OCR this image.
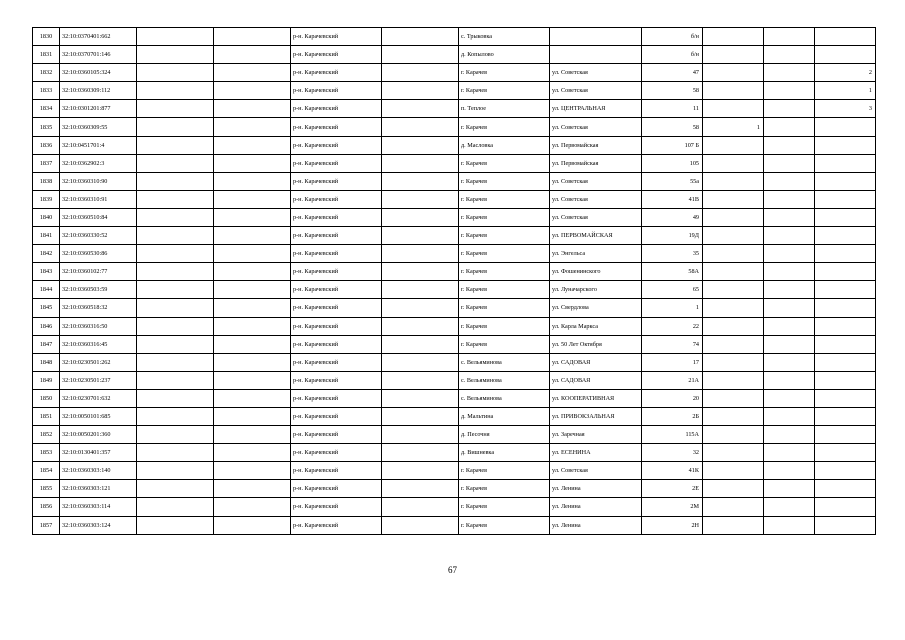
1830	32:10:0370401:662			р-н. Карачевский		с. Трыковка		б/н			
1831	32:10:0370701:146			р-н. Карачевский		д. Копылово		б/н			
1832	32:10:0360105:324			р-н. Карачевский		г. Карачев	ул. Советская	47			2
1833	32:10:0360309:112			р-н. Карачевский		г. Карачев	ул. Советская	58			1
1834	32:10:0301201:877			р-н. Карачевский		п. Теплое	ул. ЦЕНТРАЛЬНАЯ	11			3
1835	32:10:0360309:55			р-н. Карачевский		г. Карачев	ул. Советская	58	1		
1836	32:10:0451701:4			р-н. Карачевский		д. Масловка	ул. Первомайская	107 Б			
1837	32:10:0362902:3			р-н. Карачевский		г. Карачев	ул. Первомайская	105			
1838	32:10:0360310:90			р-н. Карачевский		г. Карачев	ул. Советская	55а			
1839	32:10:0360310:91			р-н. Карачевский		г. Карачев	ул. Советская	41В			
1840	32:10:0360510:84			р-н. Карачевский		г. Карачев	ул. Советская	49			
1841	32:10:0360330:52			р-н. Карачевский		г. Карачев	ул. ПЕРВОМАЙСКАЯ	19Д			
1842	32:10:0360530:86			р-н. Карачевский		г. Карачев	ул. Энгельса	35			
1843	32:10:0360102:77			р-н. Карачевский		г. Карачев	ул. Фошенинского	58А			
1844	32:10:0360503:59			р-н. Карачевский		г. Карачев	ул. Луначарского	65			
1845	32:10:0360518:32			р-н. Карачевский		г. Карачев	ул. Свердлова	1			
1846	32:10:0360316:50			р-н. Карачевский		г. Карачев	ул. Карла Маркса	22			
1847	32:10:0360316:45			р-н. Карачевский		г. Карачев	ул. 50 Лет Октября	74			
1848	32:10:0230501:262			р-н. Карачевский		с. Вельяминова	ул. САДОВАЯ	17			
1849	32:10:0230501:237			р-н. Карачевский		с. Вельяминова	ул. САДОВАЯ	21А			
1850	32:10:0230701:632			р-н. Карачевский		с. Вельяминова	ул. КООПЕРАТИВНАЯ	20			
1851	32:10:0050101:685			р-н. Карачевский		д. Мальтина	ул. ПРИВОКЗАЛЬНАЯ	2Б			
1852	32:10:0050201:360			р-н. Карачевский		д. Песочня	ул. Заречная	115А			
1853	32:10:0130401:357			р-н. Карачевский		д. Вишневка	ул. ЕСЕНИНА	32			
1854	32:10:0360303:140			р-н. Карачевский		г. Карачев	ул. Советская	41К			
1855	32:10:0360303:121			р-н. Карачевский		г. Карачев	ул. Ленина	2Е			
1856	32:10:0360303:114			р-н. Карачевский		г. Карачев	ул. Ленина	2М			
1857	32:10:0360303:124			р-н. Карачевский		г. Карачев	ул. Ленина	2Н			
67
